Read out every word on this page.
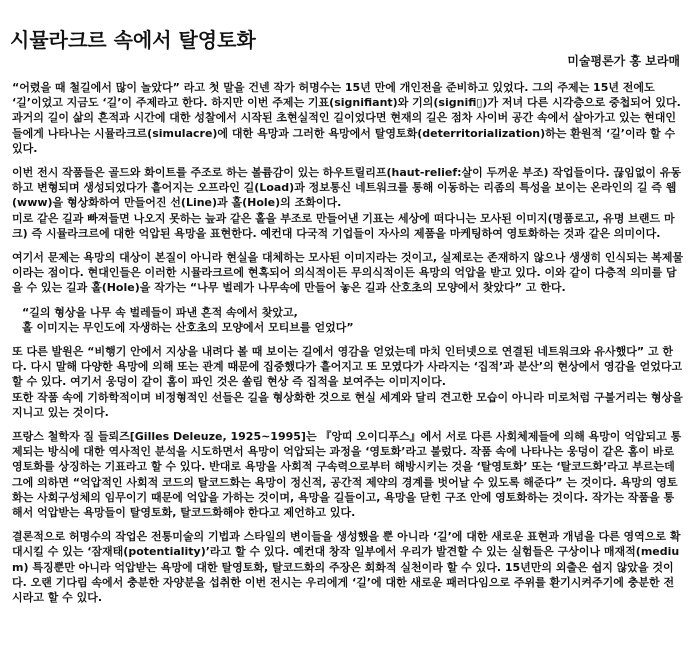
시뮬라크르 속에서 탈영토화
미술평론가 홍 보라매

“어렸을 때 철길에서 많이 놀았다” 라고 첫 말을 건넨 작가 허명수는 15년 만에 개인전을 준비하고 있었다. 그의 주제는 15년 전에도 ‘길’이었고 지금도 ‘길’이 주제라고 한다. 하지만 이번 주제는 기표(signifiant)와 기의(signifi▯)가 저녀 다른 시각층으로 중첩되어 있다. 과거의 길이 삶의 흔적과 시간에 대한 성찰에서 시작된 초현실적인 길이었다면 현재의 길은 점차 사이버 공간 속에서 살아가고 있는 현대인들에게 나타나는 시뮬라크르(simulacre)에 대한 욕망과 그러한 욕망에서 탈영토화(deterritorialization)하는 환원적 ‘길’이라 할 수 있다.

이번 전시 작품들은 골드와 화이트를 주조로 하는 볼륨감이 있는 하우트릴리프(haut-relief:살이 두꺼운 부조) 작업들이다. 끊임없이 유동하고 변형되며 생성되었다가 흩어지는 오프라인 길(Load)과 정보통신 네트워크를 통해 이동하는 리좀의 특성을 보이는 온라인의 길 즉 웹(www)을 형상화하여 만들어진 선(Line)과 홀(Hole)의 조화이다.
미로 같은 길과 빠져들면 나오지 못하는 늪과 같은 홀을 부조로 만들어낸 기표는 세상에 떠다니는 모사된 이미지(명품로고, 유명 브랜드 마크) 즉 시뮬라크르에 대한 억압된 욕망을 표현한다. 예컨대 다국적 기업들이 자사의 제품을 마케팅하여 영토화하는 것과 같은 의미이다.

여기서 문제는 욕망의 대상이 본질이 아니라 현실을 대체하는 모사된 이미지라는 것이고, 실제로는 존재하지 않으나 생생히 인식되는 복제물이라는 점이다. 현대인들은 이러한 시뮬라크르에 현혹되어 의식적이든 무의식적이든 욕망의 억압을 받고 있다. 이와 같이 다층적 의미를 담을 수 있는 길과 홀(Hole)을 작가는 “나무 벌레가 나무속에 만들어 놓은 길과 산호초의 모양에서 찾았다” 고 한다.

“길의 형상을 나무 속 벌레들이 파낸 흔적 속에서 찾았고,
홀 이미지는 무인도에 자생하는 산호초의 모양에서 모티브를 얻었다”

또 다른 발원은 “비행기 안에서 지상을 내려다 볼 때 보이는 길에서 영감을 얻었는데 마치 인터넷으로 연결된 네트워크와 유사했다” 고 한다. 다시 말해 다양한 욕망에 의해 또는 관계 때문에 집중했다가 흩어지고 또 모였다가 사라지는 ‘집적’과 분산’의 현상에서 영감을 얻었다고 할 수 있다. 여기서 웅덩이 같이 홈이 파인 것은 쏠림 현상 즉 집적을 보여주는 이미지이다.
또한 작품 속에 기하학적이며 비정형적인 선들은 길을 형상화한 것으로 현실 세계와 달리 견고한 모습이 아니라 미로처럼 구불거리는 형상을 지니고 있는 것이다.

프랑스 철학자 질 들뢰즈[Gilles Deleuze, 1925~1995]는 『앙띠 오이디푸스』에서 서로 다른 사회체제들에 의해 욕망이 억압되고 통제되는 방식에 대한 역사적인 분석을 시도하면서 욕망이 억압되는 과정을 ‘영토화’라고 불렀다. 작품 속에 나타나는 웅덩이 같은 홈이 바로 영토화를 상징하는 기표라고 할 수 있다. 반대로 욕망을 사회적 구속력으로부터 해방시키는 것을 ‘탈영토화’ 또는 ‘탈코드화’라고 부르는데 그에 의하면 “억압적인 사회적 코드의 탈코드화는 욕망이 정신적, 공간적 제약의 경계를 벗어날 수 있도록 해준다” 는 것이다. 욕망의 영토화는 사회구성체의 임무이기 때문에 억압을 가하는 것이며, 욕망을 길들이고, 욕망을 닫힌 구조 안에 영토화하는 것이다. 작가는 작품을 통해서 억압받는 욕망들이 탈영토화, 탈코드화해야 한다고 제언하고 있다.

결론적으로 허명수의 작업은 전통미술의 기법과 스타일의 변이들을 생성했을 뿐 아니라 ‘길’에 대한 새로운 표현과 개념을 다른 영역으로 확대시킬 수 있는 ‘잠재태(potentiality)’라고 할 수 있다. 예컨대 창작 일부에서 우리가 발견할 수 있는 실험들은 구상이나 매재적(medium) 특징뿐만 아니라 억압받는 욕망에 대한 탈영토화, 탈코드화의 주장은 회화적 실천이라 할 수 있다. 15년만의 외출은 쉽지 않았을 것이다. 오랜 기다림 속에서 충분한 자양분을 섭취한 이번 전시는 우리에게 ‘길’에 대한 새로운 패러다임으로 주위를 환기시켜주기에 충분한 전시라고 할 수 있다.
